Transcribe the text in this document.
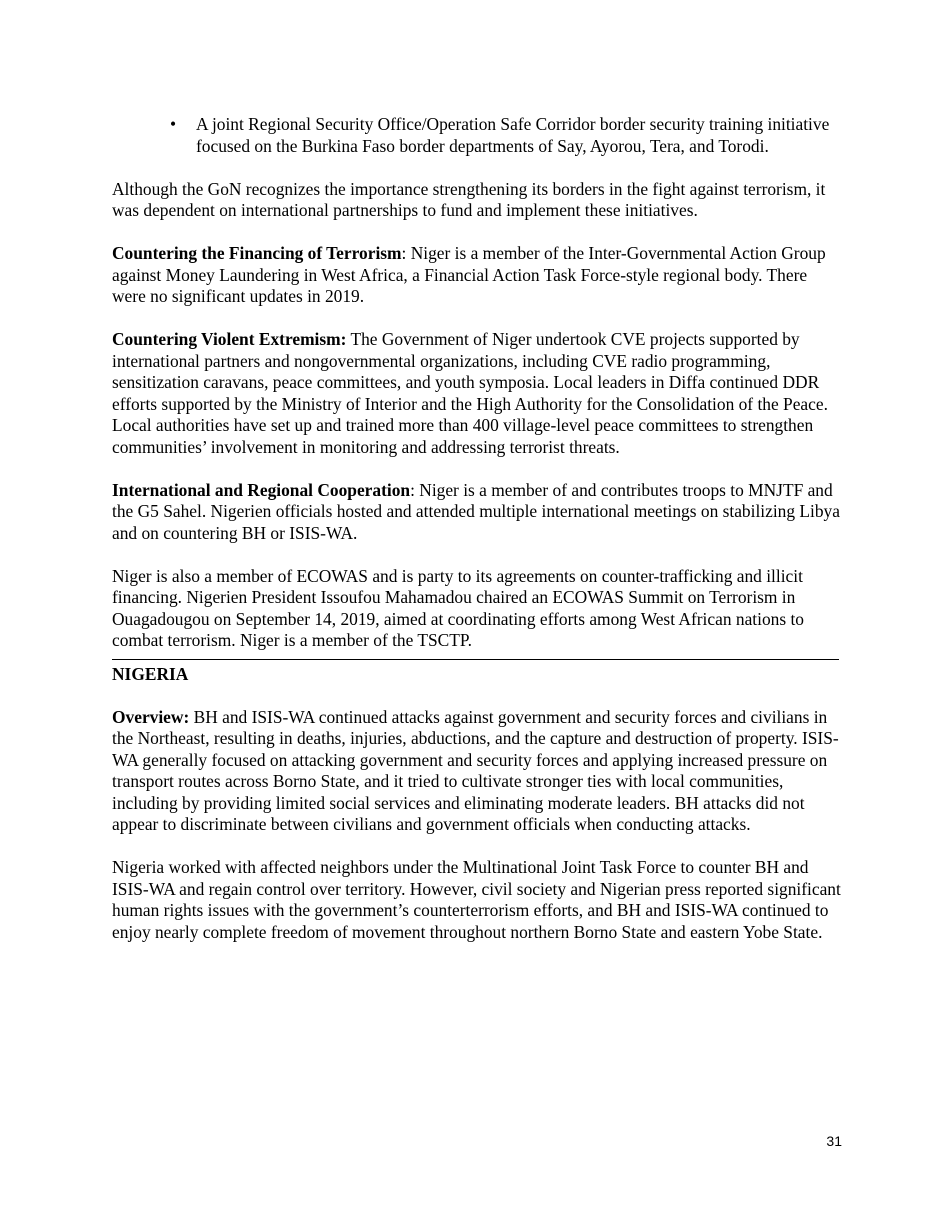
• A joint Regional Security Office/Operation Safe Corridor border security training initiative focused on the Burkina Faso border departments of Say, Ayorou, Tera, and Torodi.

Although the GoN recognizes the importance strengthening its borders in the fight against terrorism, it was dependent on international partnerships to fund and implement these initiatives.

Countering the Financing of Terrorism: Niger is a member of the Inter-Governmental Action Group against Money Laundering in West Africa, a Financial Action Task Force-style regional body. There were no significant updates in 2019.

Countering Violent Extremism: The Government of Niger undertook CVE projects supported by international partners and nongovernmental organizations, including CVE radio programming, sensitization caravans, peace committees, and youth symposia. Local leaders in Diffa continued DDR efforts supported by the Ministry of Interior and the High Authority for the Consolidation of the Peace. Local authorities have set up and trained more than 400 village-level peace committees to strengthen communities’ involvement in monitoring and addressing terrorist threats.

International and Regional Cooperation: Niger is a member of and contributes troops to MNJTF and the G5 Sahel. Nigerien officials hosted and attended multiple international meetings on stabilizing Libya and on countering BH or ISIS-WA.

Niger is also a member of ECOWAS and is party to its agreements on counter-trafficking and illicit financing. Nigerien President Issoufou Mahamadou chaired an ECOWAS Summit on Terrorism in Ouagadougou on September 14, 2019, aimed at coordinating efforts among West African nations to combat terrorism. Niger is a member of the TSCTP.

NIGERIA

Overview: BH and ISIS-WA continued attacks against government and security forces and civilians in the Northeast, resulting in deaths, injuries, abductions, and the capture and destruction of property. ISIS-WA generally focused on attacking government and security forces and applying increased pressure on transport routes across Borno State, and it tried to cultivate stronger ties with local communities, including by providing limited social services and eliminating moderate leaders. BH attacks did not appear to discriminate between civilians and government officials when conducting attacks.

Nigeria worked with affected neighbors under the Multinational Joint Task Force to counter BH and ISIS-WA and regain control over territory. However, civil society and Nigerian press reported significant human rights issues with the government’s counterterrorism efforts, and BH and ISIS-WA continued to enjoy nearly complete freedom of movement throughout northern Borno State and eastern Yobe State.

31
